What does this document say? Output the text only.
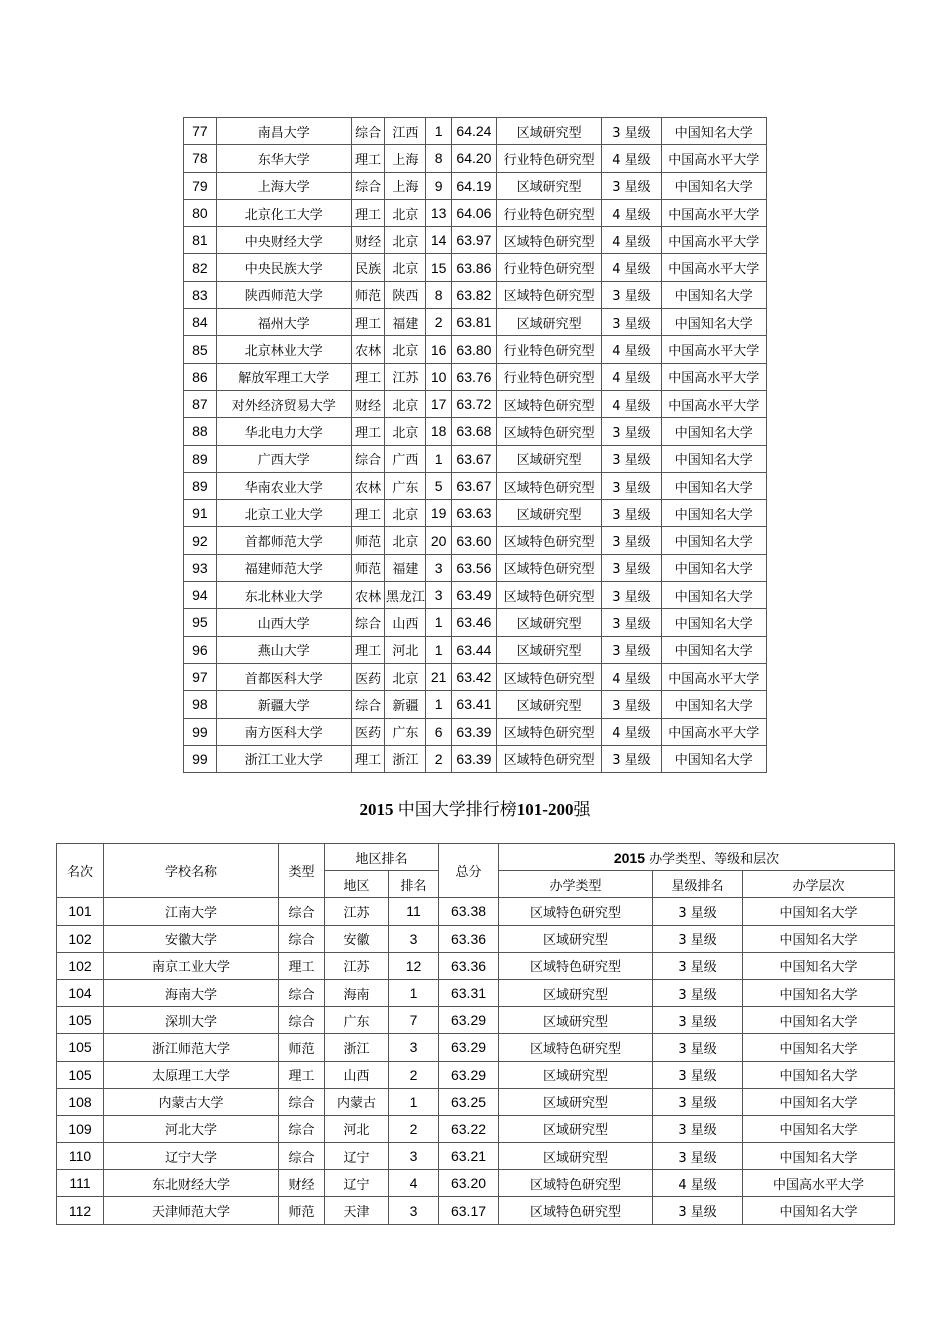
77	南昌大学	综合	江西	1	64.24	区域研究型	3 星级	中国知名大学
78	东华大学	理工	上海	8	64.20	行业特色研究型	4 星级	中国高水平大学
79	上海大学	综合	上海	9	64.19	区域研究型	3 星级	中国知名大学
80	北京化工大学	理工	北京	13	64.06	行业特色研究型	4 星级	中国高水平大学
81	中央财经大学	财经	北京	14	63.97	区域特色研究型	4 星级	中国高水平大学
82	中央民族大学	民族	北京	15	63.86	行业特色研究型	4 星级	中国高水平大学
83	陕西师范大学	师范	陕西	8	63.82	区域特色研究型	3 星级	中国知名大学
84	福州大学	理工	福建	2	63.81	区域研究型	3 星级	中国知名大学
85	北京林业大学	农林	北京	16	63.80	行业特色研究型	4 星级	中国高水平大学
86	解放军理工大学	理工	江苏	10	63.76	行业特色研究型	4 星级	中国高水平大学
87	对外经济贸易大学	财经	北京	17	63.72	区域特色研究型	4 星级	中国高水平大学
88	华北电力大学	理工	北京	18	63.68	区域特色研究型	3 星级	中国知名大学
89	广西大学	综合	广西	1	63.67	区域研究型	3 星级	中国知名大学
89	华南农业大学	农林	广东	5	63.67	区域特色研究型	3 星级	中国知名大学
91	北京工业大学	理工	北京	19	63.63	区域研究型	3 星级	中国知名大学
92	首都师范大学	师范	北京	20	63.60	区域特色研究型	3 星级	中国知名大学
93	福建师范大学	师范	福建	3	63.56	区域特色研究型	3 星级	中国知名大学
94	东北林业大学	农林	黑龙江	3	63.49	区域特色研究型	3 星级	中国知名大学
95	山西大学	综合	山西	1	63.46	区域研究型	3 星级	中国知名大学
96	燕山大学	理工	河北	1	63.44	区域研究型	3 星级	中国知名大学
97	首都医科大学	医药	北京	21	63.42	区域特色研究型	4 星级	中国高水平大学
98	新疆大学	综合	新疆	1	63.41	区域研究型	3 星级	中国知名大学
99	南方医科大学	医药	广东	6	63.39	区域特色研究型	4 星级	中国高水平大学
99	浙江工业大学	理工	浙江	2	63.39	区域特色研究型	3 星级	中国知名大学
2015 中国大学排行榜101-200强
名次	学校名称	类型	地区排名		总分	2015 办学类型、等级和层次		
			地区	排名		办学类型	星级排名	办学层次
101	江南大学	综合	江苏	11	63.38	区域特色研究型	3 星级	中国知名大学
102	安徽大学	综合	安徽	3	63.36	区域研究型	3 星级	中国知名大学
102	南京工业大学	理工	江苏	12	63.36	区域特色研究型	3 星级	中国知名大学
104	海南大学	综合	海南	1	63.31	区域研究型	3 星级	中国知名大学
105	深圳大学	综合	广东	7	63.29	区域研究型	3 星级	中国知名大学
105	浙江师范大学	师范	浙江	3	63.29	区域特色研究型	3 星级	中国知名大学
105	太原理工大学	理工	山西	2	63.29	区域研究型	3 星级	中国知名大学
108	内蒙古大学	综合	内蒙古	1	63.25	区域研究型	3 星级	中国知名大学
109	河北大学	综合	河北	2	63.22	区域研究型	3 星级	中国知名大学
110	辽宁大学	综合	辽宁	3	63.21	区域研究型	3 星级	中国知名大学
111	东北财经大学	财经	辽宁	4	63.20	区域特色研究型	4 星级	中国高水平大学
112	天津师范大学	师范	天津	3	63.17	区域特色研究型	3 星级	中国知名大学
